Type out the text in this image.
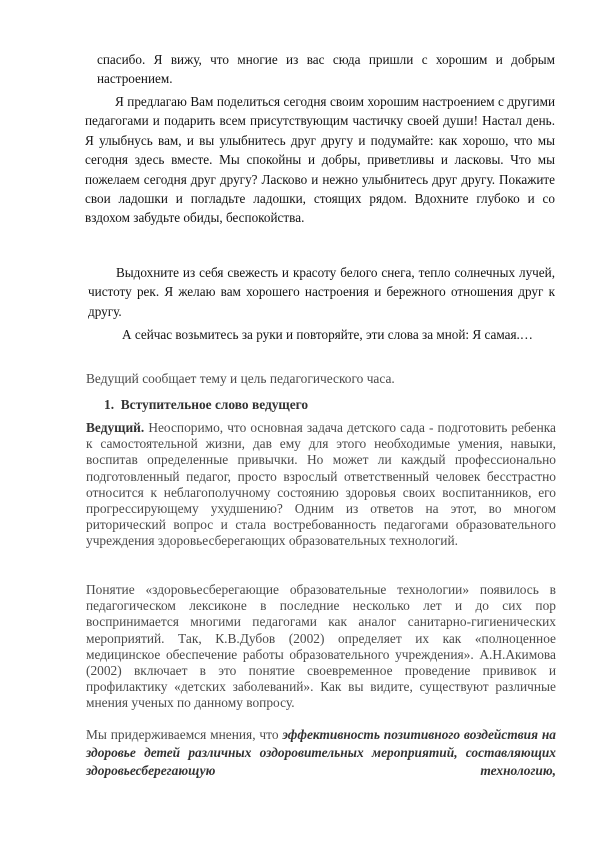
спасибо. Я вижу, что многие из вас сюда пришли с хорошим и добрым настроением.

Я предлагаю Вам поделиться сегодня своим хорошим настроением с другими педагогами и подарить всем присутствующим частичку своей души! Настал день. Я улыбнусь вам, и вы улыбнитесь друг другу и подумайте: как хорошо, что мы сегодня здесь вместе. Мы спокойны и добры, приветливы и ласковы. Что мы пожелаем сегодня друг другу? Ласково и нежно улыбнитесь друг другу. Покажите свои ладошки и погладьте ладошки, стоящих рядом. Вдохните глубоко и со вздохом забудьте обиды, беспокойства.

Выдохните из себя свежесть и красоту белого снега, тепло солнечных лучей, чистоту рек. Я желаю вам хорошего настроения и бережного отношения друг к другу.

А сейчас возьмитесь за руки и повторяйте, эти слова за мной: Я самая.…

Ведущий сообщает тему и цель педагогического часа.

1. Вступительное слово ведущего

Ведущий. Неоспоримо, что основная задача детского сада - подготовить ребенка к самостоятельной жизни, дав ему для этого необходимые умения, навыки, воспитав определенные привычки. Но может ли каждый профессионально подготовленный педагог, просто взрослый ответственный человек бесстрастно относится к неблагополучному состоянию здоровья своих воспитанников, его прогрессирующему ухудшению? Одним из ответов на этот, во многом риторический вопрос и стала востребованность педагогами образовательного учреждения здоровьесберегающих образовательных технологий.

Понятие «здоровьесберегающие образовательные технологии» появилось в педагогическом лексиконе в последние несколько лет и до сих пор воспринимается многими педагогами как аналог санитарно-гигиенических мероприятий. Так, К.В.Дубов (2002) определяет их как «полноценное медицинское обеспечение работы образовательного учреждения». А.Н.Акимова (2002) включает в это понятие своевременное проведение прививок и профилактику «детских заболеваний». Как вы видите, существуют различные мнения ученых по данному вопросу.

Мы придерживаемся мнения, что эффективность позитивного воздействия на здоровье детей различных оздоровительных мероприятий, составляющих здоровьесберегающую технологию,
